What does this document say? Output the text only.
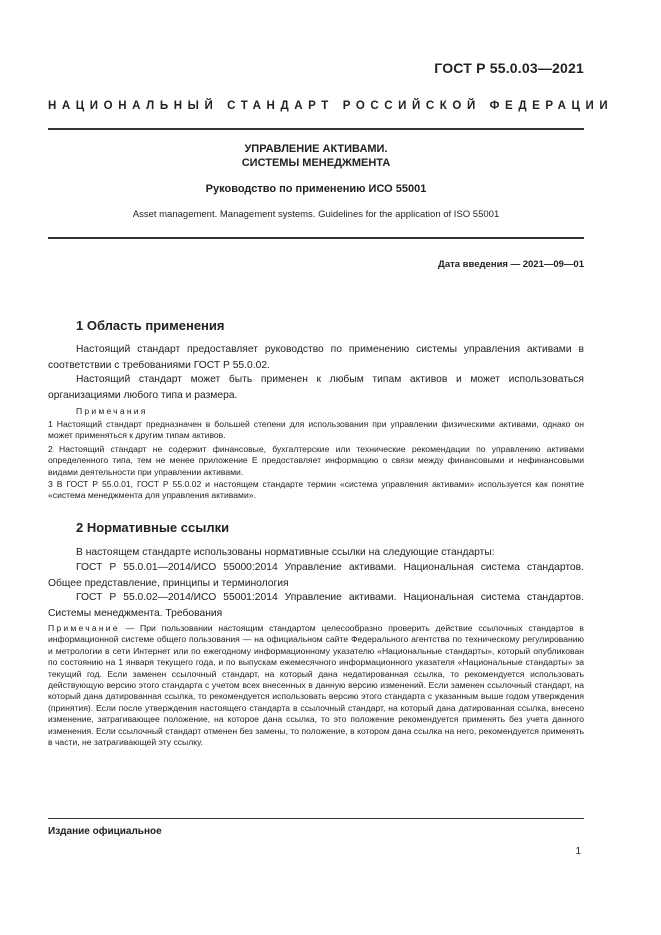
ГОСТ Р 55.0.03—2021
НАЦИОНАЛЬНЫЙ СТАНДАРТ РОССИЙСКОЙ ФЕДЕРАЦИИ
УПРАВЛЕНИЕ АКТИВАМИ.
СИСТЕМЫ МЕНЕДЖМЕНТА
Руководство по применению ИСО 55001
Asset management. Management systems. Guidelines for the application of ISO 55001
Дата введения — 2021—09—01
1 Область применения
Настоящий стандарт предоставляет руководство по применению системы управления активами в соответствии с требованиями ГОСТ Р 55.0.02.
Настоящий стандарт может быть применен к любым типам активов и может использоваться организациями любого типа и размера.
Примечания
1 Настоящий стандарт предназначен в большей степени для использования при управлении физическими активами, однако он может применяться к другим типам активов.
2 Настоящий стандарт не содержит финансовые, бухгалтерские или технические рекомендации по управлению активами определенного типа, тем не менее приложение Е предоставляет информацию о связи между финансовыми и нефинансовыми видами деятельности при управлении активами.
3 В ГОСТ Р 55.0.01, ГОСТ Р 55.0.02 и настоящем стандарте термин «система управления активами» используется как понятие «система менеджмента для управления активами».
2 Нормативные ссылки
В настоящем стандарте использованы нормативные ссылки на следующие стандарты:
ГОСТ Р 55.0.01—2014/ИСО 55000:2014 Управление активами. Национальная система стандартов. Общее представление, принципы и терминология
ГОСТ Р 55.0.02—2014/ИСО 55001:2014 Управление активами. Национальная система стандартов. Системы менеджмента. Требования
Примечание — При пользовании настоящим стандартом целесообразно проверить действие ссылочных стандартов в информационной системе общего пользования — на официальном сайте Федерального агентства по техническому регулированию и метрологии в сети Интернет или по ежегодному информационному указателю «Национальные стандарты», который опубликован по состоянию на 1 января текущего года, и по выпускам ежемесячного информационного указателя «Национальные стандарты» за текущий год. Если заменен ссылочный стандарт, на который дана недатированная ссылка, то рекомендуется использовать действующую версию этого стандарта с учетом всех внесенных в данную версию изменений. Если заменен ссылочный стандарт, на который дана датированная ссылка, то рекомендуется использовать версию этого стандарта с указанным выше годом утверждения (принятия). Если после утверждения настоящего стандарта в ссылочный стандарт, на который дана датированная ссылка, внесено изменение, затрагивающее положение, на которое дана ссылка, то это положение рекомендуется применять без учета данного изменения. Если ссылочный стандарт отменен без замены, то положение, в котором дана ссылка на него, рекомендуется применять в части, не затрагивающей эту ссылку.
Издание официальное
1
